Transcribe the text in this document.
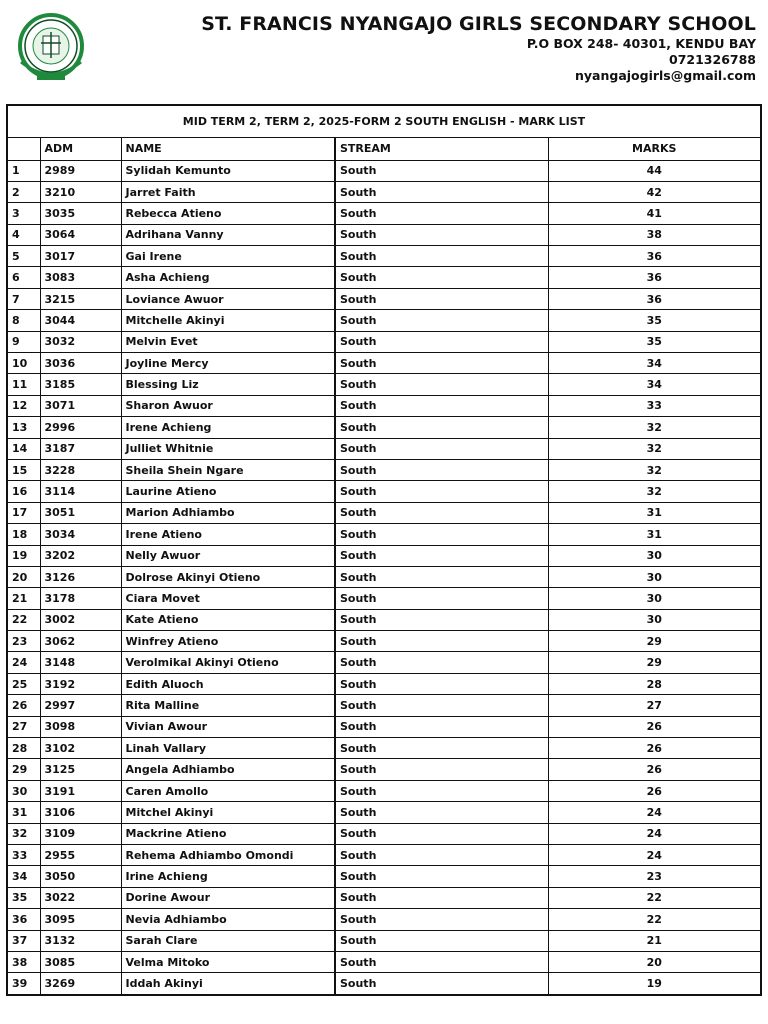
ST. FRANCIS NYANGAJO GIRLS SECONDARY SCHOOL
P.O BOX 248- 40301, KENDU BAY
0721326788
nyangajogirls@gmail.com
MID TERM 2, TERM 2, 2025-FORM 2 SOUTH ENGLISH - MARK LIST
	ADM	NAME	STREAM	MARKS
1	2989	Sylidah Kemunto	South	44
2	3210	Jarret Faith	South	42
3	3035	Rebecca Atieno	South	41
4	3064	Adrihana Vanny	South	38
5	3017	Gai Irene	South	36
6	3083	Asha Achieng	South	36
7	3215	Loviance Awuor	South	36
8	3044	Mitchelle Akinyi	South	35
9	3032	Melvin Evet	South	35
10	3036	Joyline Mercy	South	34
11	3185	Blessing Liz	South	34
12	3071	Sharon Awuor	South	33
13	2996	Irene Achieng	South	32
14	3187	Julliet Whitnie	South	32
15	3228	Sheila Shein Ngare	South	32
16	3114	Laurine Atieno	South	32
17	3051	Marion Adhiambo	South	31
18	3034	Irene Atieno	South	31
19	3202	Nelly Awuor	South	30
20	3126	Dolrose Akinyi Otieno	South	30
21	3178	Ciara Movet	South	30
22	3002	Kate Atieno	South	30
23	3062	Winfrey Atieno	South	29
24	3148	Verolmikal Akinyi Otieno	South	29
25	3192	Edith Aluoch	South	28
26	2997	Rita Malline	South	27
27	3098	Vivian Awour	South	26
28	3102	Linah Vallary	South	26
29	3125	Angela Adhiambo	South	26
30	3191	Caren Amollo	South	26
31	3106	Mitchel Akinyi	South	24
32	3109	Mackrine Atieno	South	24
33	2955	Rehema Adhiambo Omondi	South	24
34	3050	Irine Achieng	South	23
35	3022	Dorine Awour	South	22
36	3095	Nevia Adhiambo	South	22
37	3132	Sarah Clare	South	21
38	3085	Velma Mitoko	South	20
39	3269	Iddah Akinyi	South	19
